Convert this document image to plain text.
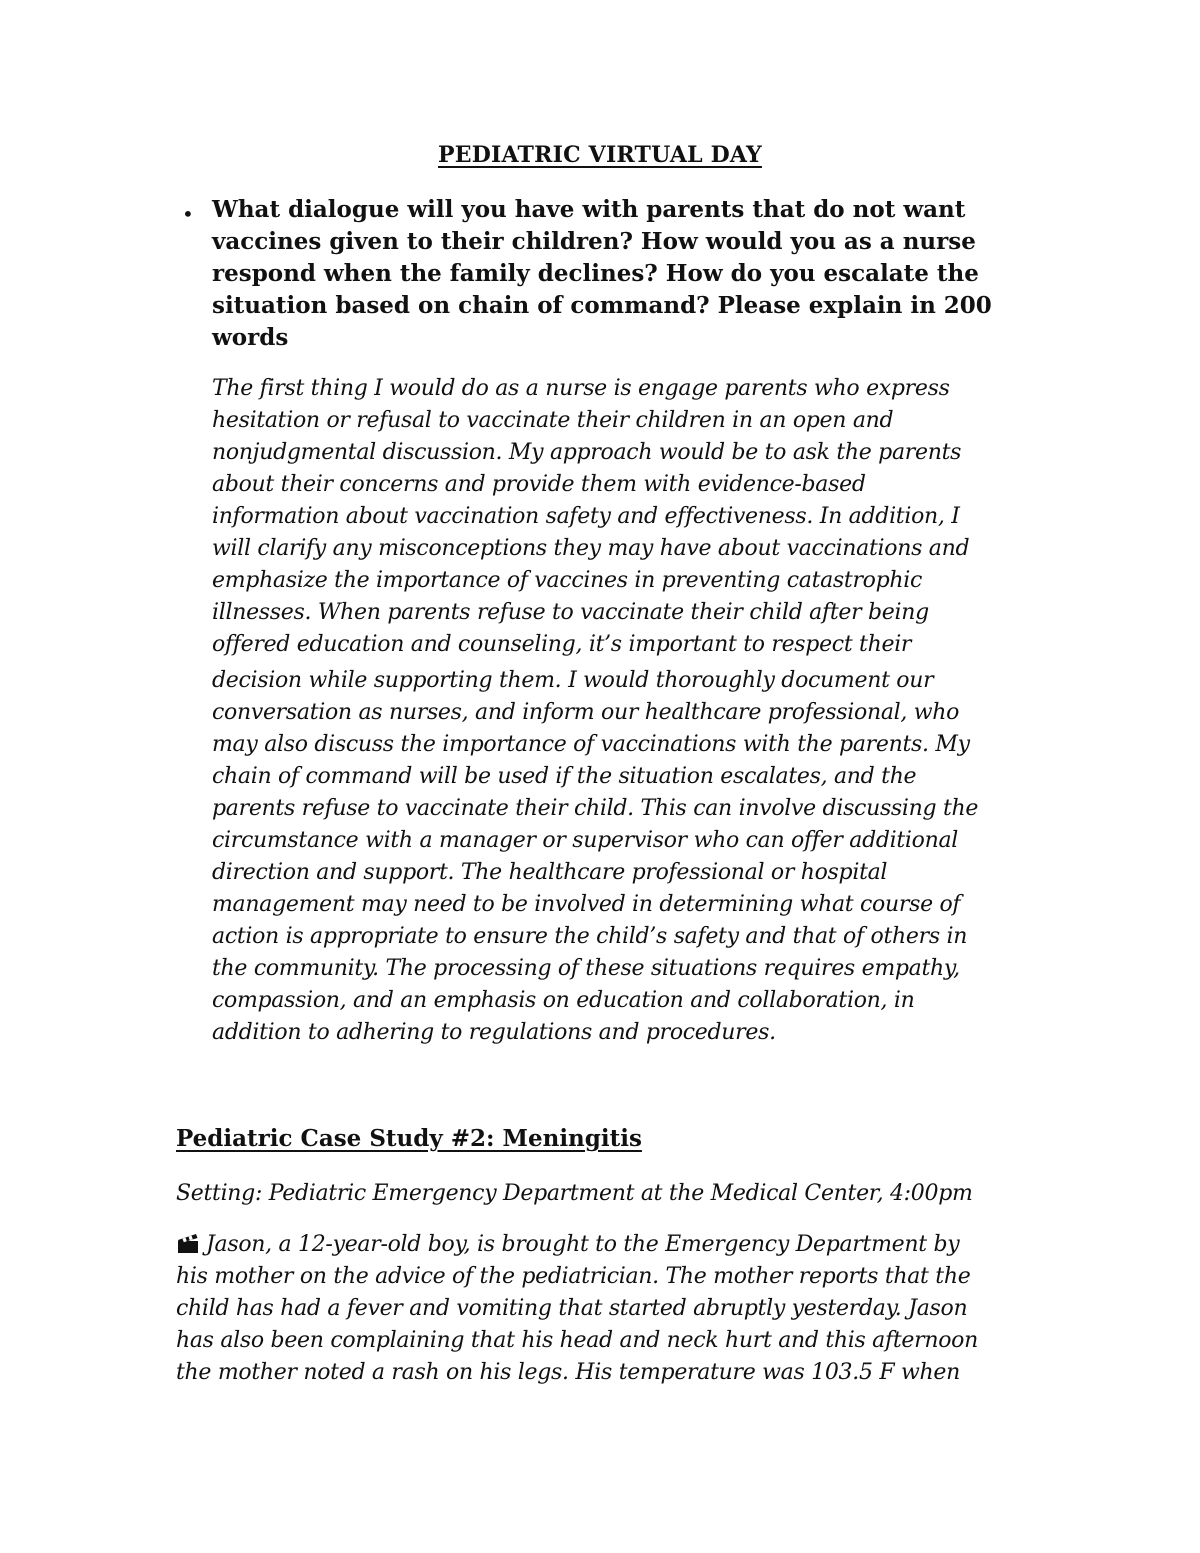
PEDIATRIC VIRTUAL DAY
• What dialogue will you have with parents that do not want vaccines given to their children? How would you as a nurse respond when the family declines? How do you escalate the situation based on chain of command? Please explain in 200 words
The first thing I would do as a nurse is engage parents who express
hesitation or refusal to vaccinate their children in an open and
nonjudgmental discussion. My approach would be to ask the parents
about their concerns and provide them with evidence-based
information about vaccination safety and effectiveness. In addition, I
will clarify any misconceptions they may have about vaccinations and
emphasize the importance of vaccines in preventing catastrophic
illnesses. When parents refuse to vaccinate their child after being
offered education and counseling, it’s important to respect their
decision while supporting them. I would thoroughly document our
conversation as nurses, and inform our healthcare professional, who
may also discuss the importance of vaccinations with the parents. My
chain of command will be used if the situation escalates, and the
parents refuse to vaccinate their child. This can involve discussing the
circumstance with a manager or supervisor who can offer additional
direction and support. The healthcare professional or hospital
management may need to be involved in determining what course of
action is appropriate to ensure the child’s safety and that of others in
the community. The processing of these situations requires empathy,
compassion, and an emphasis on education and collaboration, in
addition to adhering to regulations and procedures.
Pediatric Case Study #2: Meningitis
Setting: Pediatric Emergency Department at the Medical Center, 4:00pm
Jason, a 12-year-old boy, is brought to the Emergency Department by
his mother on the advice of the pediatrician. The mother reports that the
child has had a fever and vomiting that started abruptly yesterday. Jason
has also been complaining that his head and neck hurt and this afternoon
the mother noted a rash on his legs. His temperature was 103.5 F when
